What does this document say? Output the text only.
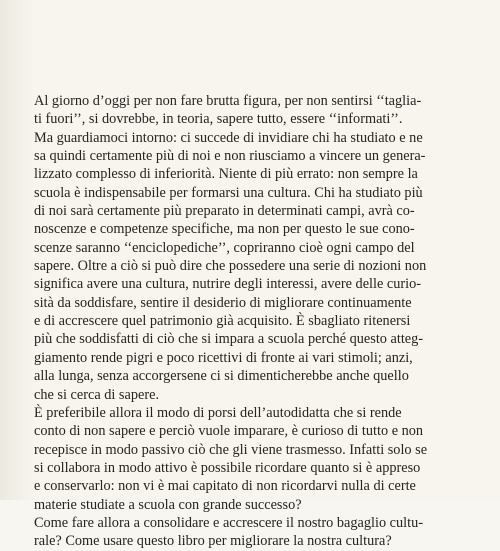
Al giorno d’oggi per non fare brutta figura, per non sentirsi ‘‘taglia-
ti fuori’’, si dovrebbe, in teoria, sapere tutto, essere ‘‘informati’’.
Ma guardiamoci intorno: ci succede di invidiare chi ha studiato e ne
sa quindi certamente più di noi e non riusciamo a vincere un genera-
lizzato complesso di inferiorità. Niente di più errato: non sempre la
scuola è indispensabile per formarsi una cultura. Chi ha studiato più
di noi sarà certamente più preparato in determinati campi, avrà co-
noscenze e competenze specifiche, ma non per questo le sue cono-
scenze saranno ‘‘enciclopediche’’, copriranno cioè ogni campo del
sapere. Oltre a ciò si può dire che possedere una serie di nozioni non
significa avere una cultura, nutrire degli interessi, avere delle curio-
sità da soddisfare, sentire il desiderio di migliorare continuamente
e di accrescere quel patrimonio già acquisito. È sbagliato ritenersi
più che soddisfatti di ciò che si impara a scuola perché questo atteg-
giamento rende pigri e poco ricettivi di fronte ai vari stimoli; anzi,
alla lunga, senza accorgersene ci si dimenticherebbe anche quello
che si cerca di sapere.
È preferibile allora il modo di porsi dell’autodidatta che si rende
conto di non sapere e perciò vuole imparare, è curioso di tutto e non
recepisce in modo passivo ciò che gli viene trasmesso. Infatti solo se
si collabora in modo attivo è possibile ricordare quanto si è appreso
e conservarlo: non vi è mai capitato di non ricordarvi nulla di certe
materie studiate a scuola con grande successo?
Come fare allora a consolidare e accrescere il nostro bagaglio cultu-
rale? Come usare questo libro per migliorare la nostra cultura?
